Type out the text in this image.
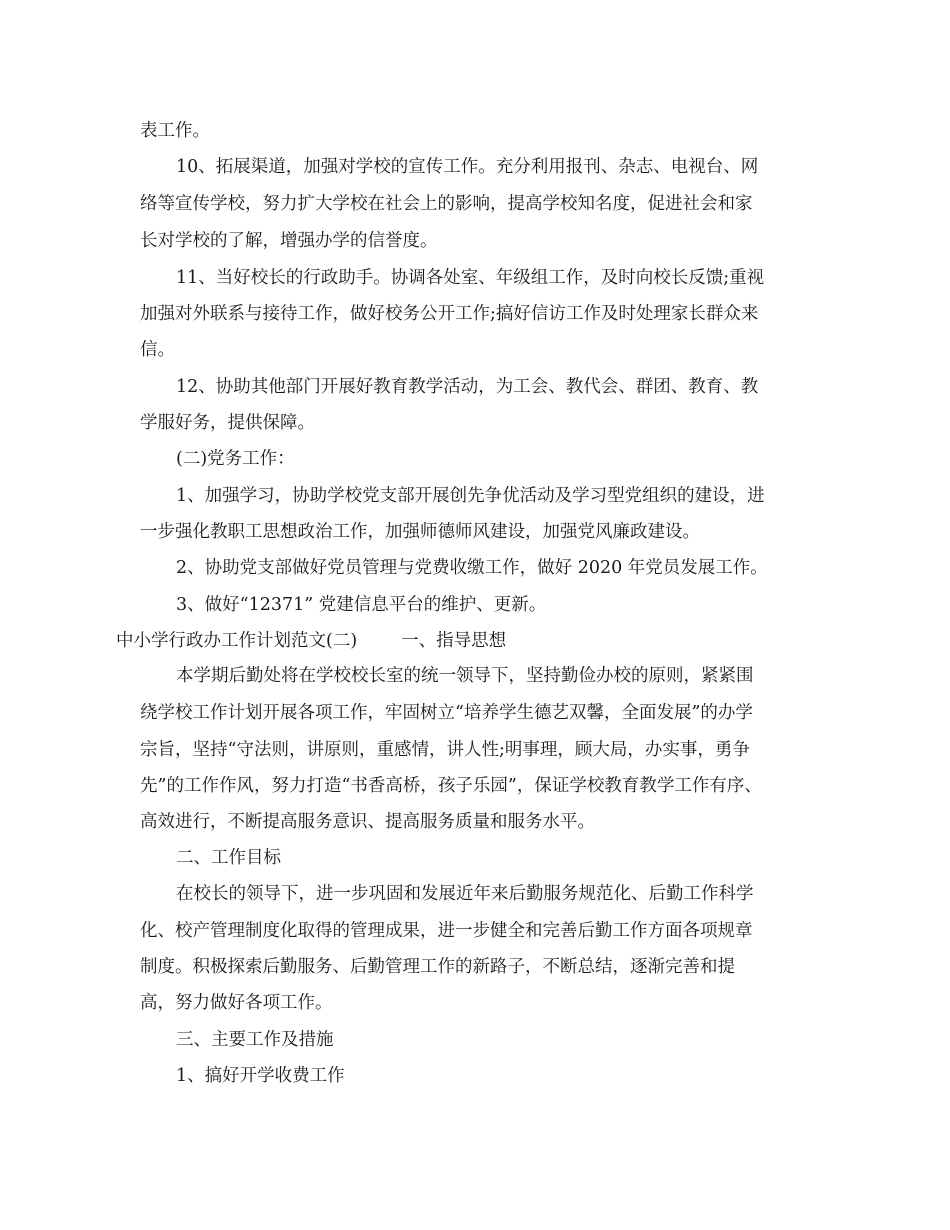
表工作。
10、拓展渠道，加强对学校的宣传工作。充分利用报刊、杂志、电视台、网
络等宣传学校，努力扩大学校在社会上的影响，提高学校知名度，促进社会和家
长对学校的了解，增强办学的信誉度。
11、当好校长的行政助手。协调各处室、年级组工作，及时向校长反馈;重视
加强对外联系与接待工作，做好校务公开工作;搞好信访工作及时处理家长群众来
信。
12、协助其他部门开展好教育教学活动，为工会、教代会、群团、教育、教
学服好务，提供保障。
(二)党务工作：
1、加强学习，协助学校党支部开展创先争优活动及学习型党组织的建设，进
一步强化教职工思想政治工作，加强师德师风建设，加强党风廉政建设。
2、协助党支部做好党员管理与党费收缴工作，做好 2020 年党员发展工作。
3、做好“12371” 党建信息平台的维护、更新。
中小学行政办工作计划范文(二)	一、指导思想
本学期后勤处将在学校校长室的统一领导下，坚持勤俭办校的原则，紧紧围
绕学校工作计划开展各项工作，牢固树立“培养学生德艺双馨，全面发展”的办学
宗旨，坚持“守法则，讲原则，重感情，讲人性;明事理，顾大局，办实事，勇争
先”的工作作风，努力打造“书香高桥，孩子乐园”，保证学校教育教学工作有序、
高效进行，不断提高服务意识、提高服务质量和服务水平。
二、工作目标
在校长的领导下，进一步巩固和发展近年来后勤服务规范化、后勤工作科学
化、校产管理制度化取得的管理成果，进一步健全和完善后勤工作方面各项规章
制度。积极探索后勤服务、后勤管理工作的新路子，不断总结，逐渐完善和提
高，努力做好各项工作。
三、主要工作及措施
1、搞好开学收费工作
